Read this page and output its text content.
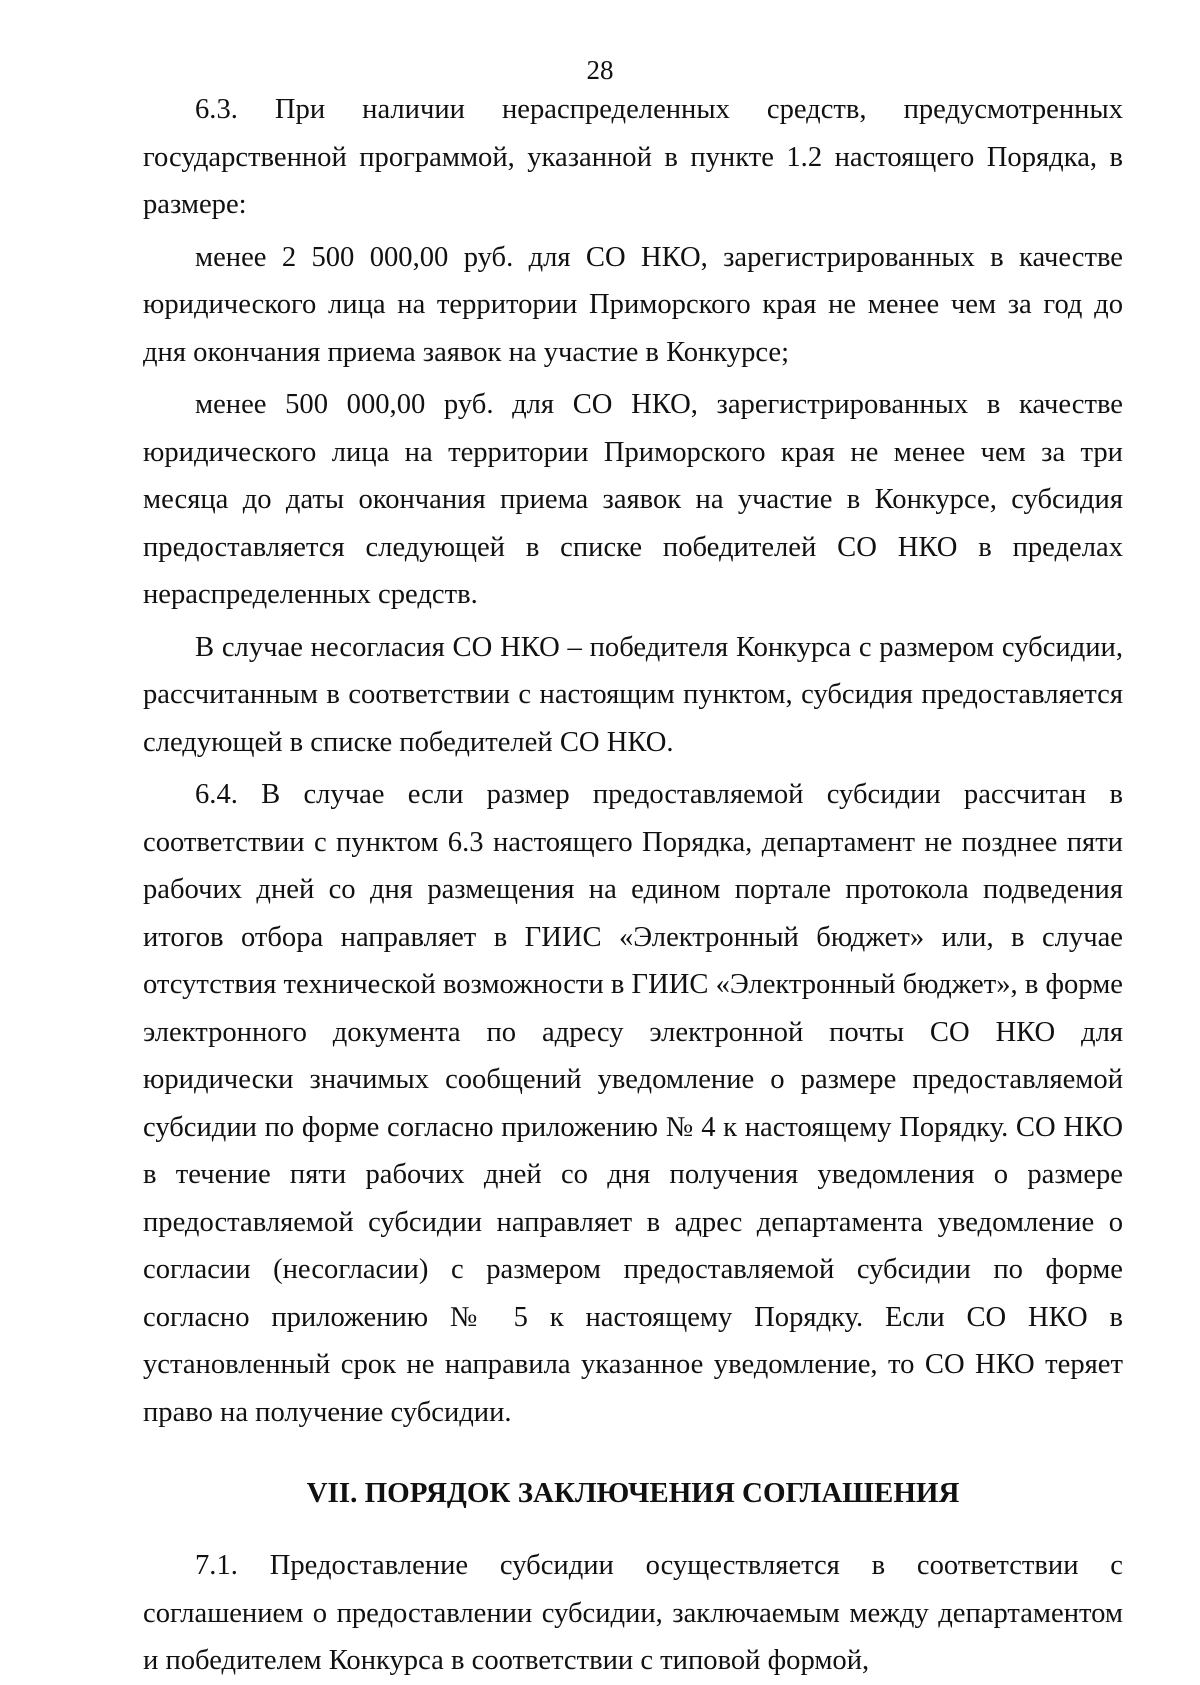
28

6.3. При наличии нераспределенных средств, предусмотренных государственной программой, указанной в пункте 1.2 настоящего Порядка, в размере:

менее 2 500 000,00 руб. для СО НКО, зарегистрированных в качестве юридического лица на территории Приморского края не менее чем за год до дня окончания приема заявок на участие в Конкурсе;

менее 500 000,00 руб. для СО НКО, зарегистрированных в качестве юридического лица на территории Приморского края не менее чем за три месяца до даты окончания приема заявок на участие в Конкурсе, субсидия предоставляется следующей в списке победителей СО НКО в пределах нераспределенных средств.

В случае несогласия СО НКО – победителя Конкурса с размером субсидии, рассчитанным в соответствии с настоящим пунктом, субсидия предоставляется следующей в списке победителей СО НКО.

6.4. В случае если размер предоставляемой субсидии рассчитан в соответствии с пунктом 6.3 настоящего Порядка, департамент не позднее пяти рабочих дней со дня размещения на едином портале протокола подведения итогов отбора направляет в ГИИС «Электронный бюджет» или, в случае отсутствия технической возможности в ГИИС «Электронный бюджет», в форме электронного документа по адресу электронной почты СО НКО для юридически значимых сообщений уведомление о размере предоставляемой субсидии по форме согласно приложению № 4 к настоящему Порядку. СО НКО в течение пяти рабочих дней со дня получения уведомления о размере предоставляемой субсидии направляет в адрес департамента уведомление о согласии (несогласии) с размером предоставляемой субсидии по форме согласно приложению № 5 к настоящему Порядку. Если СО НКО в установленный срок не направила указанное уведомление, то СО НКО теряет право на получение субсидии.

VII. ПОРЯДОК ЗАКЛЮЧЕНИЯ СОГЛАШЕНИЯ

7.1. Предоставление субсидии осуществляется в соответствии с соглашением о предоставлении субсидии, заключаемым между департаментом и победителем Конкурса в соответствии с типовой формой,
